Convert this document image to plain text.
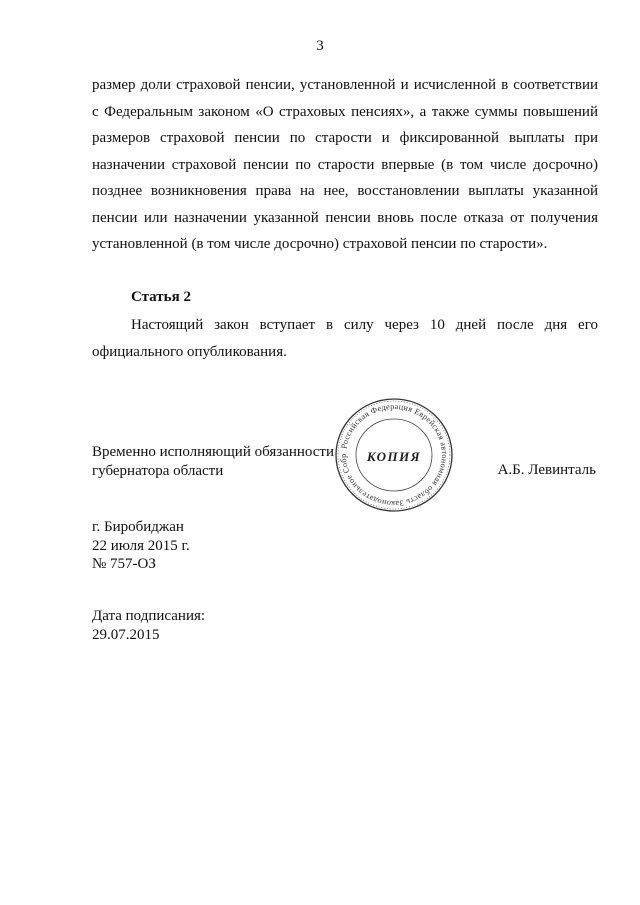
3
размер доли страховой пенсии, установленной и исчисленной в соответствии
с Федеральным законом «О страховых пенсиях», а также суммы повышений
размеров страховой пенсии по старости и фиксированной выплаты при
назначении страховой пенсии по старости впервые (в том числе досрочно)
позднее возникновения права на нее, восстановлении выплаты указанной
пенсии или назначении указанной пенсии вновь после отказа от получения
установленной (в том числе досрочно) страховой пенсии по старости».
Статья 2
Настоящий закон вступает в силу через 10 дней после дня его
официального опубликования.
Временно исполняющий обязанности
губернатора области
Российская Федерация Еврейская автономная область Законодательное Собр	КОПИЯ
А.Б. Левинталь
г. Биробиджан
22 июля 2015 г.
№ 757-ОЗ
Дата подписания:
29.07.2015
